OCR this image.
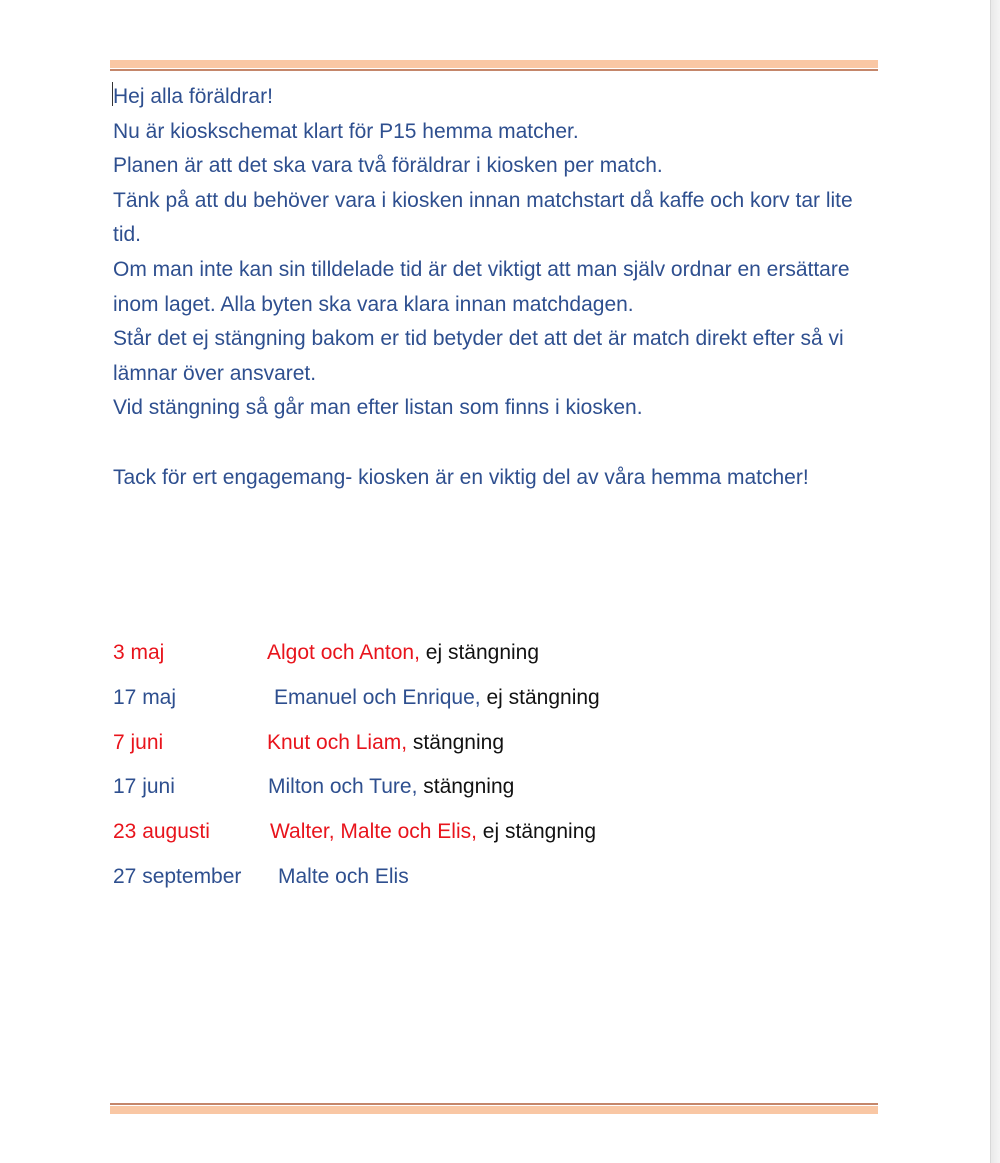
Hej alla föräldrar!

Nu är kioskschemat klart för P15 hemma matcher.

Planen är att det ska vara två föräldrar i kiosken per match.

Tänk på att du behöver vara i kiosken innan matchstart då kaffe och korv tar lite tid.

Om man inte kan sin tilldelade tid är det viktigt att man själv ordnar en ersättare inom laget. Alla byten ska vara klara innan matchdagen.

Står det ej stängning bakom er tid betyder det att det är match direkt efter så vi lämnar över ansvaret.

Vid stängning så går man efter listan som finns i kiosken.

Tack för ert engagemang- kiosken är en viktig del av våra hemma matcher!

3 maj	Algot och Anton, ej stängning
17 maj	Emanuel och Enrique, ej stängning
7 juni	Knut och Liam, stängning
17 juni	Milton och Ture, stängning
23 augusti	Walter, Malte och Elis, ej stängning
27 september Malte och Elis
